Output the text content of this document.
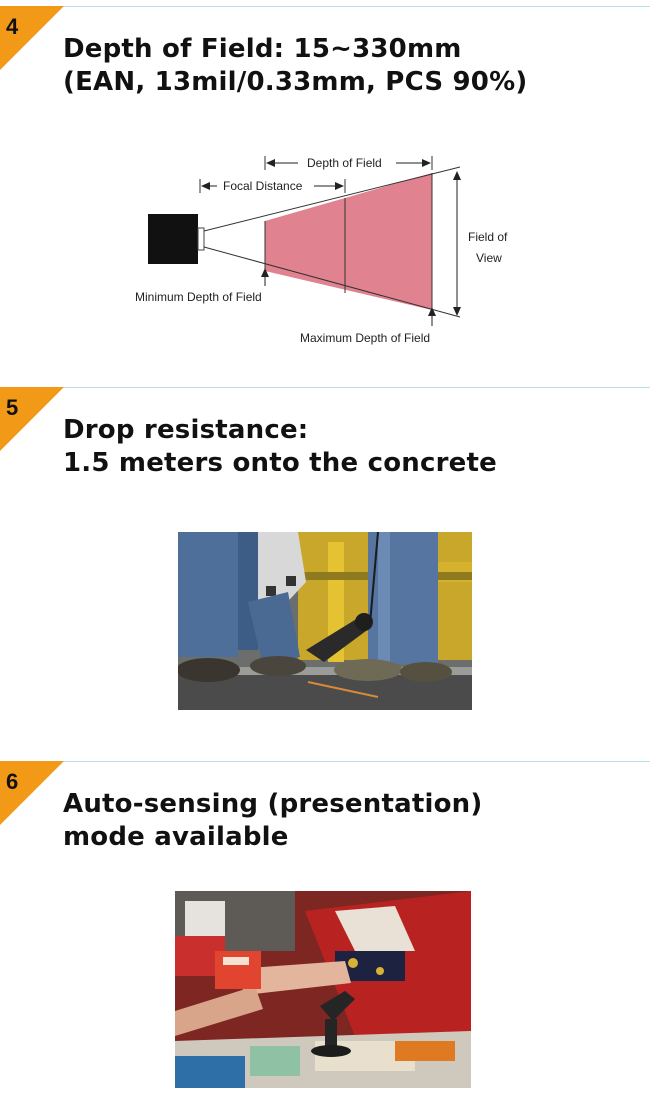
4
Depth of Field: 15~330mm
(EAN, 13mil/0.33mm, PCS 90%)
Depth of Field
Focal Distance
Field of
View
Minimum Depth of Field
Maximum Depth of Field
5
Drop resistance:
1.5 meters onto the concrete
6
Auto-sensing (presentation)
mode available
